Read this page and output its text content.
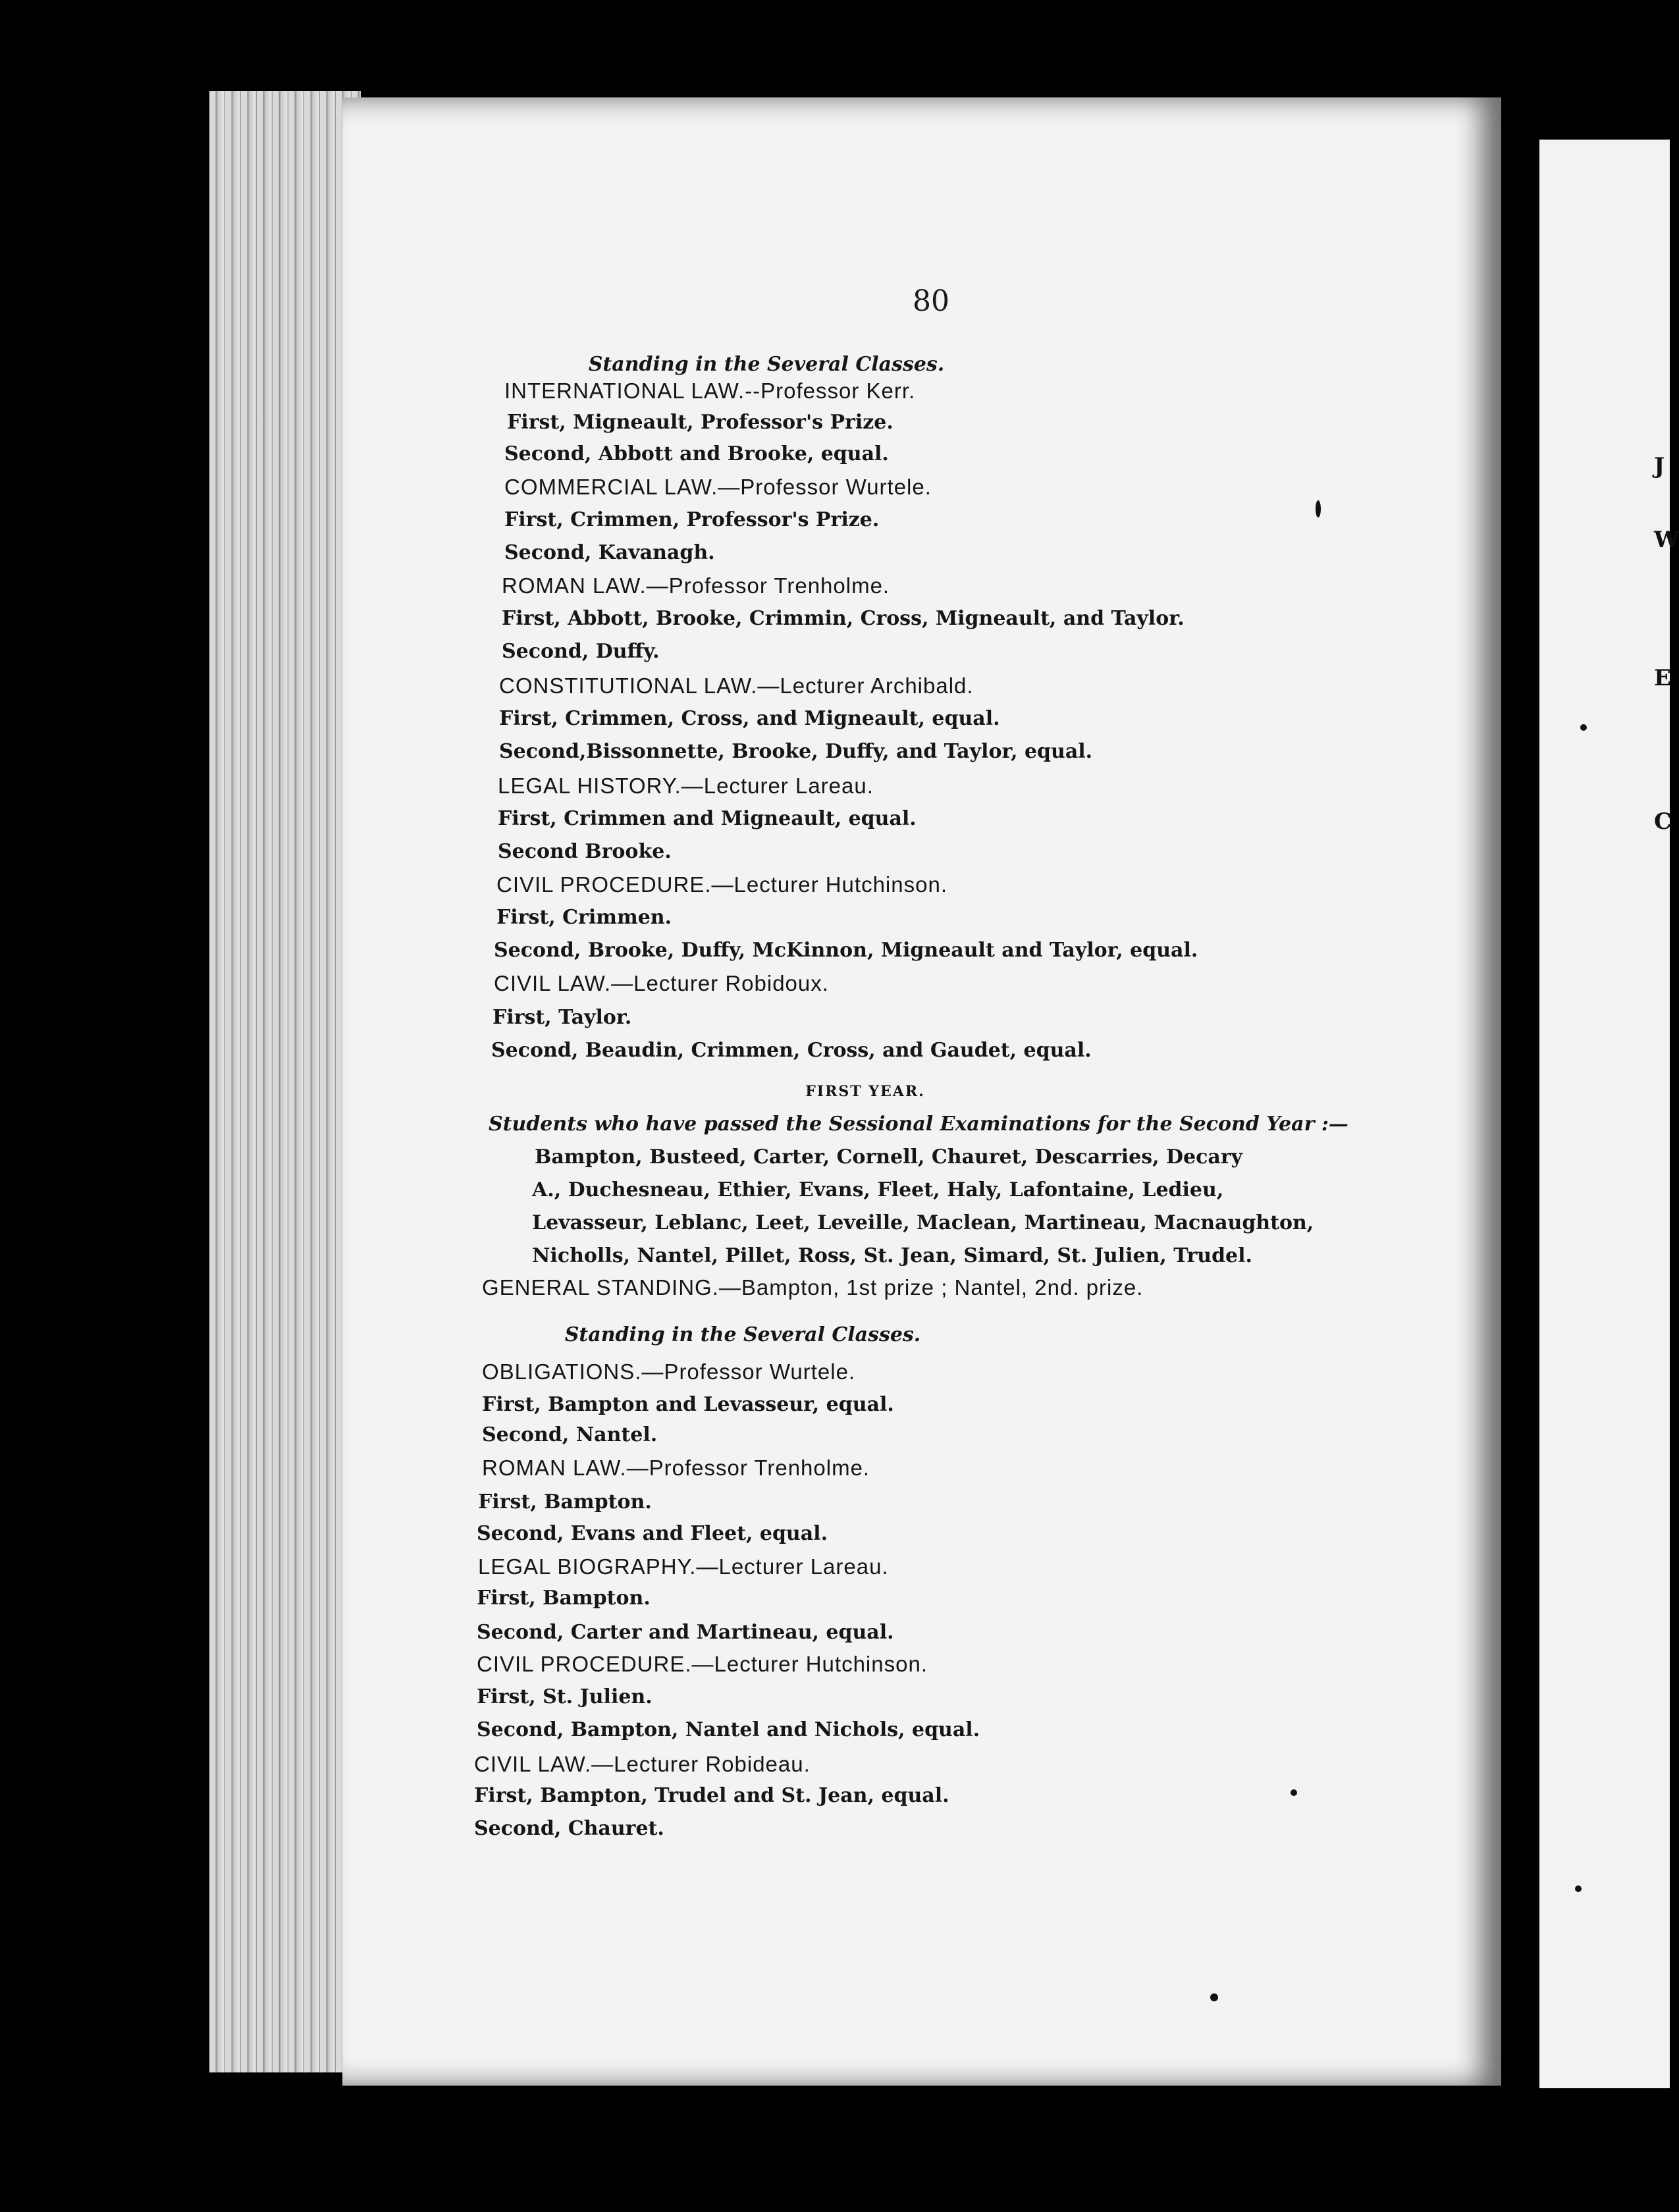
J
W
E
C
80
Standing in the Several Classes.
INTERNATIONAL LAW.--Professor Kerr.
First, Migneault, Professor's Prize.
Second, Abbott and Brooke, equal.
COMMERCIAL LAW.—Professor Wurtele.
First, Crimmen, Professor's Prize.
Second, Kavanagh.
ROMAN LAW.—Professor Trenholme.
First, Abbott, Brooke, Crimmin, Cross, Migneault, and Taylor.
Second, Duffy.
CONSTITUTIONAL LAW.—Lecturer Archibald.
First, Crimmen, Cross, and Migneault, equal.
Second,Bissonnette, Brooke, Duffy, and Taylor, equal.
LEGAL HISTORY.—Lecturer Lareau.
First, Crimmen and Migneault, equal.
Second Brooke.
CIVIL PROCEDURE.—Lecturer Hutchinson.
First, Crimmen.
Second, Brooke, Duffy, McKinnon, Migneault and Taylor, equal.
CIVIL LAW.—Lecturer Robidoux.
First, Taylor.
Second, Beaudin, Crimmen, Cross, and Gaudet, equal.
FIRST YEAR.
Students who have passed the Sessional Examinations for the Second Year :—
Bampton, Busteed, Carter, Cornell, Chauret, Descarries, Decary
A., Duchesneau, Ethier, Evans, Fleet, Haly, Lafontaine, Ledieu,
Levasseur, Leblanc, Leet, Leveille, Maclean, Martineau, Macnaughton,
Nicholls, Nantel, Pillet, Ross, St. Jean, Simard, St. Julien, Trudel.
GENERAL STANDING.—Bampton, 1st prize ; Nantel, 2nd. prize.
Standing in the Several Classes.
OBLIGATIONS.—Professor Wurtele.
First, Bampton and Levasseur, equal.
Second, Nantel.
ROMAN LAW.—Professor Trenholme.
First, Bampton.
Second, Evans and Fleet, equal.
LEGAL BIOGRAPHY.—Lecturer Lareau.
First, Bampton.
Second, Carter and Martineau, equal.
CIVIL PROCEDURE.—Lecturer Hutchinson.
First, St. Julien.
Second, Bampton, Nantel and Nichols, equal.
CIVIL LAW.—Lecturer Robideau.
First, Bampton, Trudel and St. Jean, equal.
Second, Chauret.
